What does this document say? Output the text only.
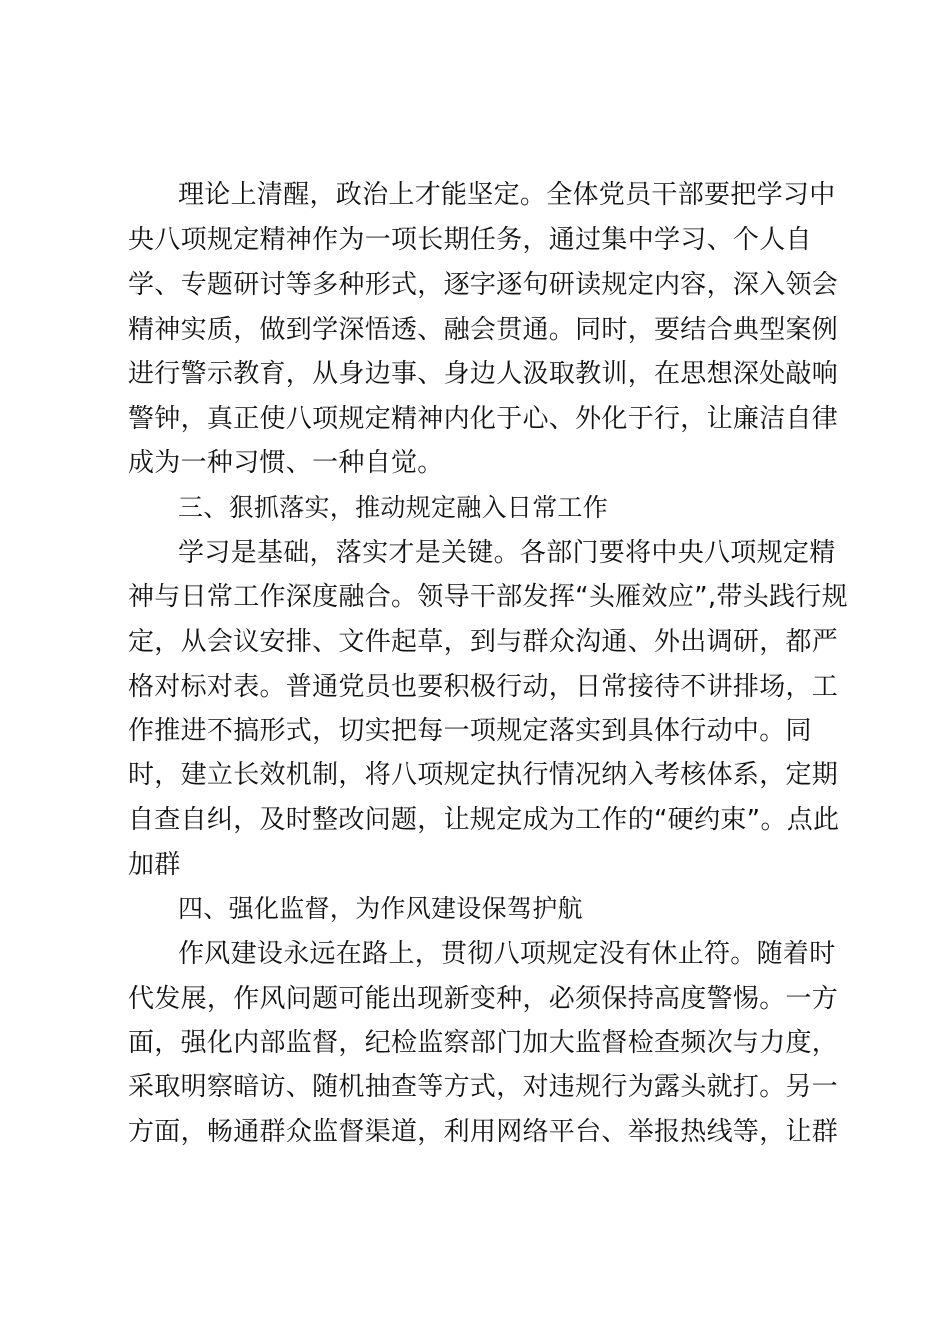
理论上清醒，政治上才能坚定。全体党员干部要把学习中
央八项规定精神作为一项长期任务，通过集中学习、个人自
学、专题研讨等多种形式，逐字逐句研读规定内容，深入领会
精神实质，做到学深悟透、融会贯通。同时，要结合典型案例
进行警示教育，从身边事、身边人汲取教训，在思想深处敲响
警钟，真正使八项规定精神内化于心、外化于行，让廉洁自律
成为一种习惯、一种自觉。
三、狠抓落实，推动规定融入日常工作
学习是基础，落实才是关键。各部门要将中央八项规定精
神与日常工作深度融合。领导干部发挥“头雁效应”,带头践行规
定，从会议安排、文件起草，到与群众沟通、外出调研，都严
格对标对表。普通党员也要积极行动，日常接待不讲排场，工
作推进不搞形式，切实把每一项规定落实到具体行动中。同
时，建立长效机制，将八项规定执行情况纳入考核体系，定期
自查自纠，及时整改问题，让规定成为工作的“硬约束”。点此
加群
四、强化监督，为作风建设保驾护航
作风建设永远在路上，贯彻八项规定没有休止符。随着时
代发展，作风问题可能出现新变种，必须保持高度警惕。一方
面，强化内部监督，纪检监察部门加大监督检查频次与力度，
采取明察暗访、随机抽查等方式，对违规行为露头就打。另一
方面，畅通群众监督渠道，利用网络平台、举报热线等，让群
